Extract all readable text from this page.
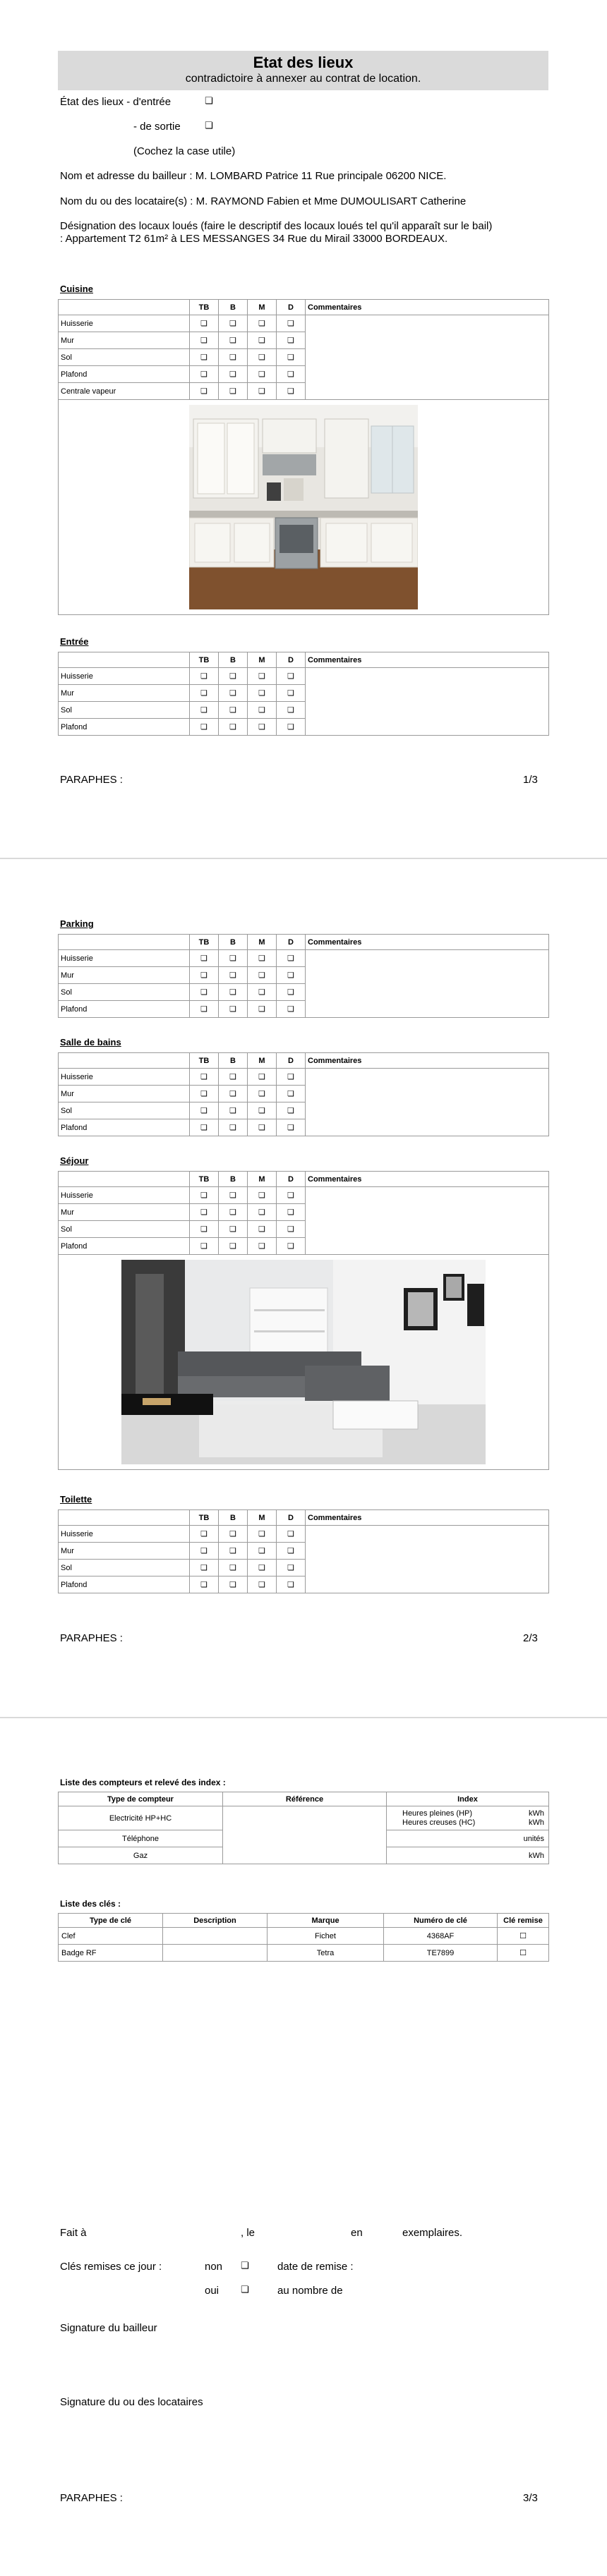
Etat des lieux
contradictoire à annexer au contrat de location.
État des lieux - d'entrée	❏
- de sortie	❏
(Cochez la case utile)
Nom et adresse du bailleur : M. LOMBARD Patrice 11 Rue principale 06200 NICE.
Nom du ou des locataire(s) : M. RAYMOND Fabien et Mme DUMOULISART Catherine
Désignation des locaux loués (faire le descriptif des locaux loués tel qu'il apparaît sur le bail)
: Appartement T2 61m² à LES MESSANGES 34 Rue du Mirail 33000 BORDEAUX.
Cuisine
	TB	B	M	D	Commentaires
Huisserie	❏	❏	❏	❏	
Mur	❏	❏	❏	❏	
Sol	❏	❏	❏	❏	
Plafond	❏	❏	❏	❏	
Centrale vapeur	❏	❏	❏	❏	

Entrée
	TB	B	M	D	Commentaires
Huisserie	❏	❏	❏	❏	
Mur	❏	❏	❏	❏	
Sol	❏	❏	❏	❏	
Plafond	❏	❏	❏	❏	
PARAPHES :	1/3
Parking
	TB	B	M	D	Commentaires
Huisserie	❏	❏	❏	❏	
Mur	❏	❏	❏	❏	
Sol	❏	❏	❏	❏	
Plafond	❏	❏	❏	❏	
Salle de bains
	TB	B	M	D	Commentaires
Huisserie	❏	❏	❏	❏	
Mur	❏	❏	❏	❏	
Sol	❏	❏	❏	❏	
Plafond	❏	❏	❏	❏	
Séjour
	TB	B	M	D	Commentaires
Huisserie	❏	❏	❏	❏	
Mur	❏	❏	❏	❏	
Sol	❏	❏	❏	❏	
Plafond	❏	❏	❏	❏	

Toilette
	TB	B	M	D	Commentaires
Huisserie	❏	❏	❏	❏	
Mur	❏	❏	❏	❏	
Sol	❏	❏	❏	❏	
Plafond	❏	❏	❏	❏	
PARAPHES :	2/3
Liste des compteurs et relevé des index :
Type de compteur	Référence	Index
Electricité HP+HC		Heures pleines (HP) kWh
Heures creuses (HC) kWh

Téléphone		unités
Gaz		kWh
Liste des clés :
Type de clé	Description	Marque	Numéro de clé	Clé remise
Clef		Fichet	4368AF	☐
Badge RF		Tetra	TE7899	☐
Fait à	, le	en	exemplaires.
Clés remises ce jour :	non ❏	date de remise :
oui ❏	au nombre de
Signature du bailleur
Signature du ou des locataires
PARAPHES :	3/3
